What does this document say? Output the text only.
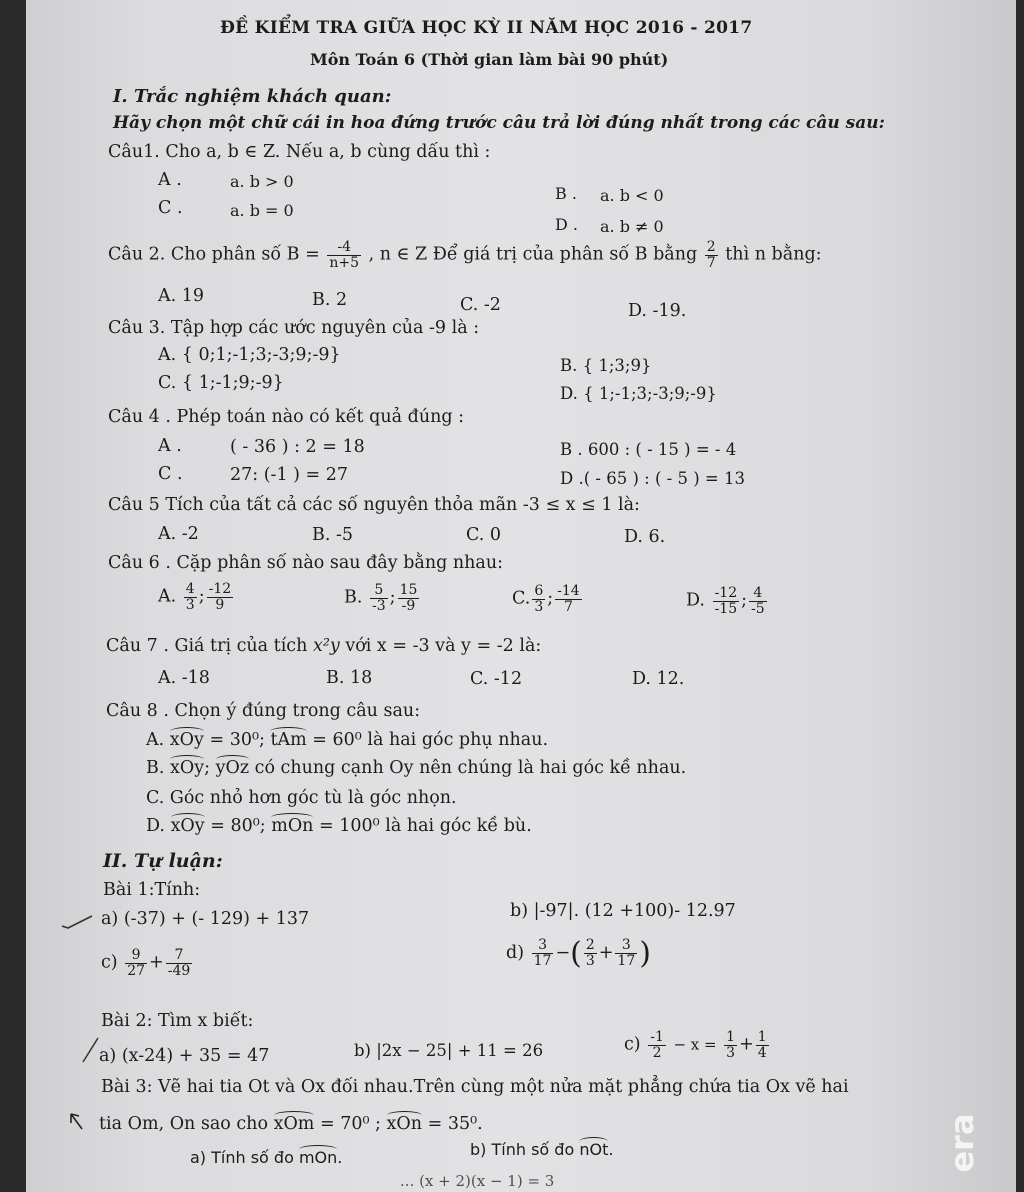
ĐỀ KIỂM TRA GIỮA HỌC KỲ II NĂM HỌC 2016 - 2017
Môn Toán 6 (Thời gian làm bài 90 phút)
I. Trắc nghiệm khách quan:
Hãy chọn một chữ cái in hoa đứng trước câu trả lời đúng nhất trong các câu sau:
Câu1. Cho a, b ∈ Z. Nếu a, b cùng dấu thì :
A .	a. b > 0
B . a. b < 0
C .	a. b = 0
D . a. b ≠ 0
Câu 2. Cho phân số $B = \frac{-4}{n+5}$ , n ∈ Z Để giá trị của phân số B bằng $\frac{2}{7}$ thì n bằng:
A. 19	B. 2	C. -2	D. -19.
Câu 3. Tập hợp các ước nguyên của -9 là :
A. { 0;1;-1;3;-3;9;-9}
B. { 1;3;9}
C. { 1;-1;9;-9}
D. { 1;-1;3;-3;9;-9}
Câu 4 . Phép toán nào có kết quả đúng :
A .	( - 36 ) : 2 = 18	B . 600 : ( - 15 ) = - 4
C .	27: (-1 ) = 27	D .( - 65 ) : ( - 5 ) = 13
Câu 5 Tích của tất cả các số nguyên thỏa mãn -3 ≤ x ≤ 1 là:
A. -2	B. -5	C. 0	D. 6.
Câu 6 . Cặp phân số nào sau đây bằng nhau:
A. $\frac{4}{3}$ ; $\frac{-12}{9}$	B. $\frac{5}{-3}$ ; $\frac{15}{-9}$	C. $\frac{6}{3}$ ; $\frac{-14}{7}$	D. $\frac{-12}{-15}$ ; $\frac{4}{-5}$
Câu 7 . Giá trị của tích x²y với x = -3 và y = -2 là:
A. -18	B. 18	C. -12	D. 12.
Câu 8 . Chọn ý đúng trong câu sau:
A. xOy = 30⁰; tAm = 60⁰ là hai góc phụ nhau.
B. xOy; yOz có chung cạnh Oy nên chúng là hai góc kề nhau.
C. Góc nhỏ hơn góc tù là góc nhọn.
D. xOy = 80⁰; mOn = 100⁰ là hai góc kề bù.
II. Tự luận:
Bài 1:Tính:
a) (-37) + (- 129) + 137	b) |-97|. (12 +100)- 12.97
$c) \frac{9}{27} + \frac{7}{-49}$	$d) \frac{3}{17}$ −( $\frac{2}{3} + \frac{3}{17}$ )
Bài 2: Tìm x biết:
a) (x-24) + 35 = 47	b) |2x − 25| + 11 = 26	$c) \frac{-1}{2} - x = \frac{1}{3} + \frac{1}{4}$
Bài 3: Vẽ hai tia Ot và Ox đối nhau.Trên cùng một nửa mặt phẳng chứa tia Ox vẽ hai
tia Om, On sao cho xOm = 70⁰ ; xOn = 35⁰.
a) Tính số đo mOn.	b) Tính số đo nOt.
... (x + 2)(x − 1) = 3
era
